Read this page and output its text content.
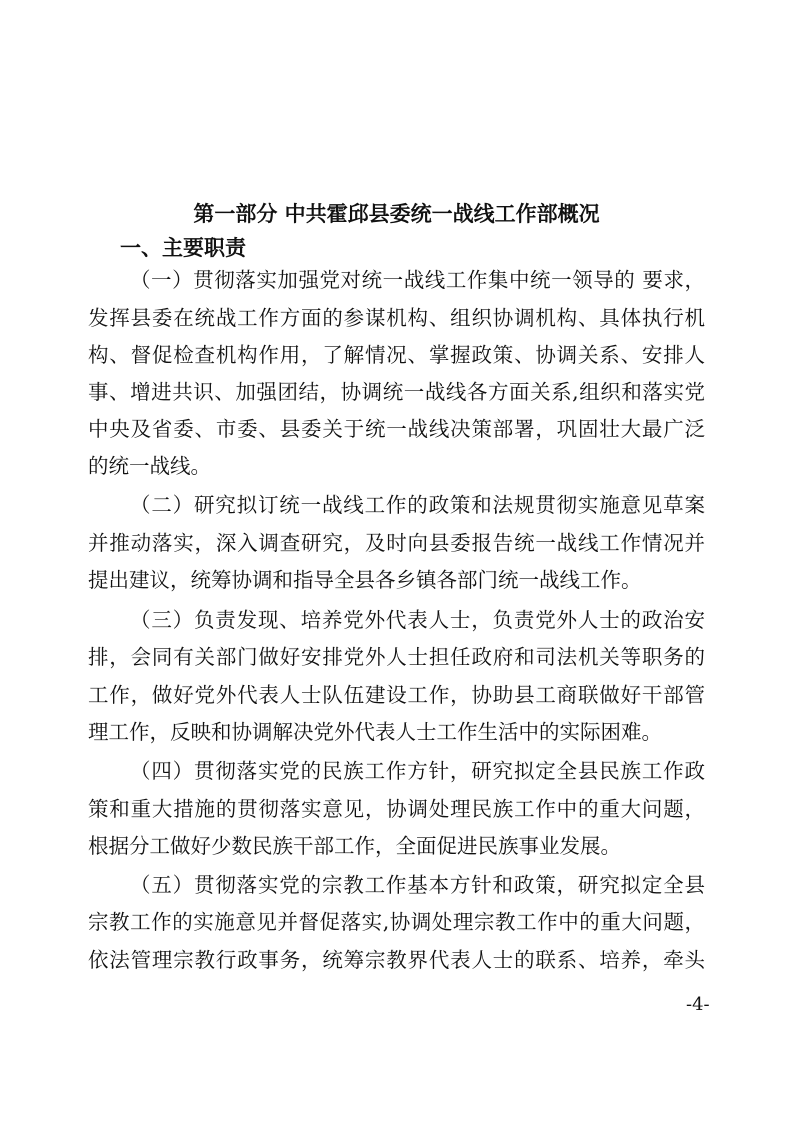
第一部分 中共霍邱县委统一战线工作部概况
一、主要职责
（一）贯彻落实加强党对统一战线工作集中统一领导的 要求，
发挥县委在统战工作方面的参谋机构、组织协调机构、具体执行机
构、督促检查机构作用，了解情况、掌握政策、协调关系、安排人
事、增进共识、加强团结，协调统一战线各方面关系,组织和落实党
中央及省委、市委、县委关于统一战线决策部署，巩固壮大最广泛
的统一战线。
（二）研究拟订统一战线工作的政策和法规贯彻实施意见草案
并推动落实，深入调查研究，及时向县委报告统一战线工作情况并
提出建议，统筹协调和指导全县各乡镇各部门统一战线工作。
（三）负责发现、培养党外代表人士，负责党外人士的政治安
排，会同有关部门做好安排党外人士担任政府和司法机关等职务的
工作，做好党外代表人士队伍建设工作，协助县工商联做好干部管
理工作，反映和协调解决党外代表人士工作生活中的实际困难。
（四）贯彻落实党的民族工作方针，研究拟定全县民族工作政
策和重大措施的贯彻落实意见，协调处理民族工作中的重大问题，
根据分工做好少数民族干部工作，全面促进民族事业发展。
（五）贯彻落实党的宗教工作基本方针和政策，研究拟定全县
宗教工作的实施意见并督促落实,协调处理宗教工作中的重大问题，
依法管理宗教行政事务，统筹宗教界代表人士的联系、培养，牵头
-4-
